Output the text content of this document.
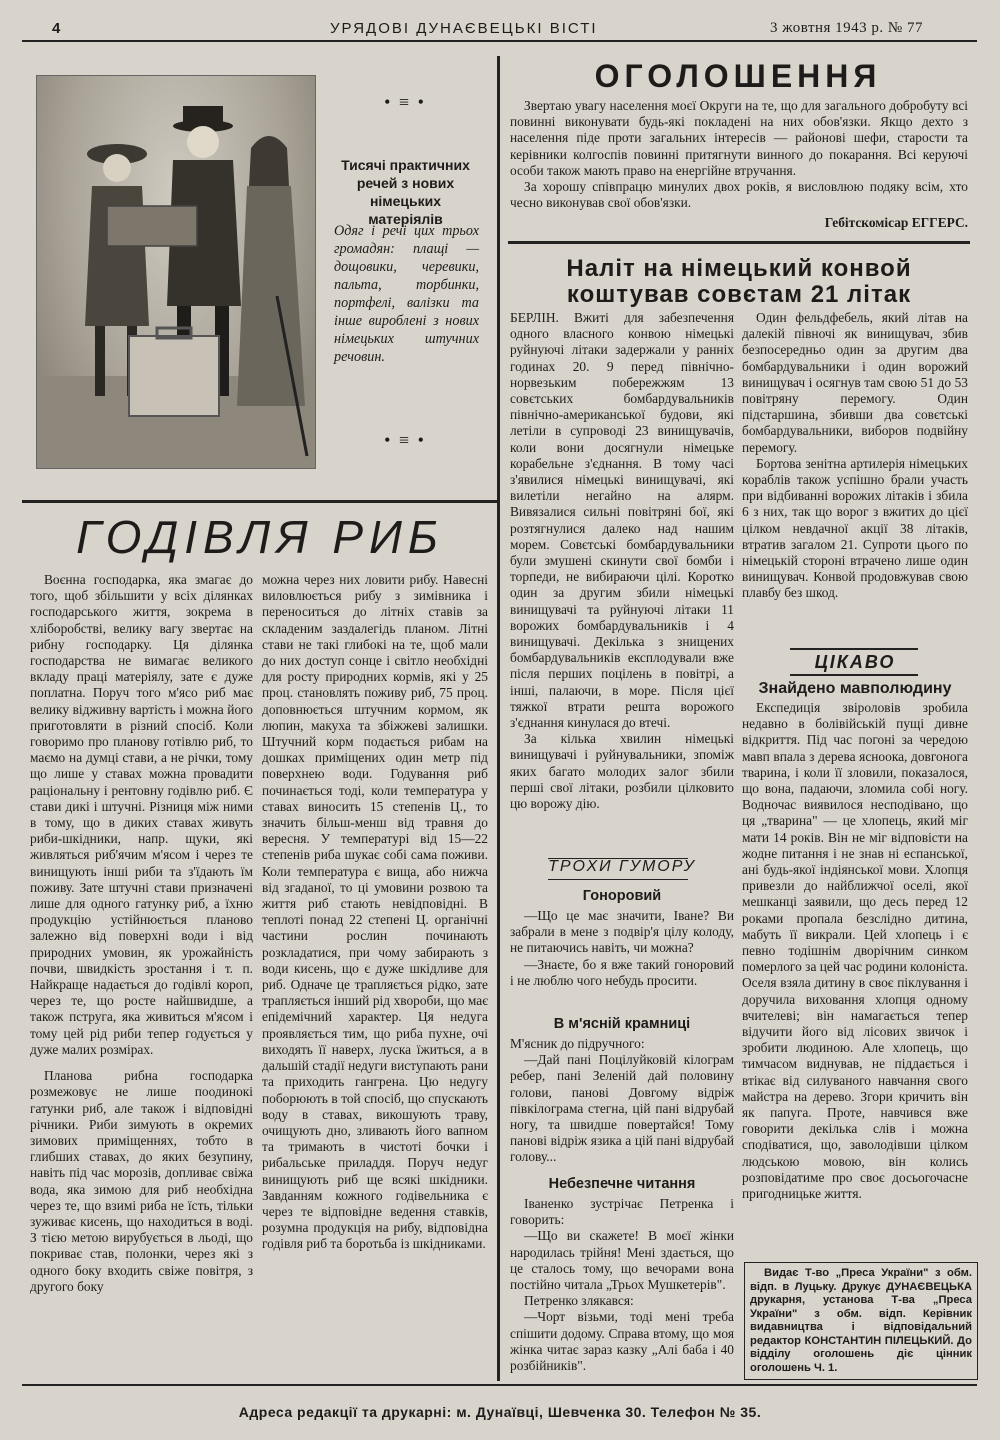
4	УРЯДОВІ ДУНАЄВЕЦЬКІ ВІСТІ	3 жовтня 1943 р. № 77
• ≡ •
Тисячі практичних речей з нових німецьких матеріялів
Одяг і речі цих трьох громадян: плащі — дощовики, черевики, пальта, торбинки, портфелі, валізки та інше вироблені з нових німецьких штучних речовин.
• ≡ •
ГОДІВЛЯ РИБ

Воєнна господарка, яка змагає до того, щоб збільшити у всіх ділянках господарського життя, зокрема в хліборобстві, велику вагу звертає на рибну господарку. Ця ділянка господарства не вимагає великого вкладу праці матеріялу, зате є дуже поплатна. Поруч того м'ясо риб має велику відживну вартість і можна його приготовляти в різний спосіб. Коли говоримо про планову готівлю риб, то маємо на думці стави, а не річки, тому що лише у ставах можна провадити раціональну і рентовну годівлю риб. Є стави дикі і штучні. Різниця між ними в тому, що в диких ставах живуть риби-шкідники, напр. щуки, які живляться риб'ячим м'ясом і через те винищують інші риби та з'їдають їм поживу. Зате штучні стави призначені лише для одного гатунку риб, а їхню продукцію устійнюється планово залежно від поверхні води і від природних умовин, як урожайність почви, швидкість зростання і т. п. Найкраще надається до годівлі короп, через те, що росте найшвидше, а також пстругa, яка живиться м'ясом і тому цей рід риби тепер годується у дуже малих розмірах.

Планова рибна господарка розмежовує не лише поодинокі гатунки риб, але також і відповідні річники. Риби зимують в окремих зимових приміщеннях, тобто в глибших ставах, до яких безупину, навіть під час морозів, допливає свіжа вода, яка зимою для риб необхідна через те, що взимі риба не їсть, тільки зуживає кисень, що находиться в воді. З тією метою вирубується в льоді, що покриває став, полонки, через які з одного боку входить свіже повітря, з другого боку

можна через них ловити рибу. Навесні виловлюється рибу з зимівника і переноситься до літніх ставів за складеним заздалегідь планом. Літні стави не такі глибокі на те, щоб мали до них доступ сонце і світло необхідні для росту природних кормів, які у 25 проц. становлять поживу риб, 75 проц. доповнюється штучним кормом, як люпин, макуха та збіжжеві залишки. Штучний корм подається рибам на дошках приміщених один метр під поверхнею води. Годування риб починається тоді, коли температура у ставах виносить 15 степенів Ц., то значить більш-менш від травня до вересня. У температурі від 15—22 степенів риба шукає собі сама поживи. Коли температура є вища, або нижча від згаданої, то ці умовини розвою та життя риб стають невідповідні. В теплоті понад 22 степені Ц. органічні частини рослин починають розкладатися, при чому забирають з води кисень, що є дуже шкідливе для риб. Одначе це трапляється рідко, зате трапляється інший рід хвороби, що має епідемічний характер. Ця недуга проявляється тим, що риба пухне, очі виходять її наверх, луска їжиться, а в дальшій стадії недуги виступають рани та приходить гангрена. Цю недугу поборюють в той спосіб, що спускають воду в ставах, викошують траву, очищують дно, зливають його вапном та тримають в чистоті бочки і рибальське приладдя. Поруч недуг винищують риб ще всякі шкідники. Завданням кожного годівельника є через те відповідне ведення ставків, розумна продукція на рибу, відповідна годівля риб та боротьба із шкідниками.

ОГОЛОШЕННЯ

Звертаю увагу населення моєї Округи на те, що для загального добробуту всі повинні виконувати будь-які покладені на них обов'язки. Якщо дехто з населення піде проти загальних інтересів — районові шефи, старости та керівники колгоспів повинні притягнути винного до покарання. Всі керуючі особи також мають право на енергійне втручання.

За хорошу співпрацю минулих двох років, я висловлюю подяку всім, хто чесно виконував свої обов'язки.

Гебітскомісар ЕГГЕРС.

Наліт на німецький конвой коштував совєтам 21 літак

БЕРЛІН. Вжиті для забезпечення одного власного конвою німецькі руйнуючі літаки задержали у ранніх годинах 20. 9 перед північно-норвезьким побережжям 13 совєтських бомбардувальників північно-американської будови, які летіли в супроводі 23 винищувачів, коли вони досягнули німецьке корабельне з'єднання. В тому часі з'явилися німецькі винищувачі, які вилетіли негайно на алярм. Вивязалися сильні повітряні бої, які розтягнулися далеко над нашим морем. Совєтські бомбардувальники були змушені скинути свої бомби і торпеди, не вибираючи цілі. Коротко один за другим збили німецькі винищувачі та руйнуючі літаки 11 ворожих бомбардувальників і 4 винищувачі. Декілька з знищених бомбардувальників експлодували вже після перших поцілень в повітрі, а інші, палаючи, в море. Після цієї тяжкої втрати решта ворожого з'єднання кинулася до втечі.

За кілька хвилин німецькі винищувачі і руйнувальники, зпоміж яких багато молодих залог збили перші свої літаки, розбили цілковито цю ворожу дію.

Один фельдфебель, який літав на далекій півночі як винищувач, збив безпосередньо один за другим два бомбардувальники і один ворожий винищувач і осягнув там свою 51 до 53 повітряну перемогу. Один підстаршина, збивши два совєтські бомбардувальники, виборов подвійну перемогу.

Бортова зенітна артилерія німецьких кораблів також успішно брали участь при відбиванні ворожих літаків і збила 6 з них, так що ворог з вжитих до цієї цілком невдачної акції 38 літаків, втратив загалом 21. Супроти цього по німецькій стороні втрачено лише один винищувач. Конвой продовжував свою плавбу без шкод.

ТРОХИ ГУМОРУ
Гоноровий

—Що це має значити, Іване? Ви забрали в мене з подвір'я цілу колоду, не питаючись навіть, чи можна?

—Знаєте, бо я вже такий гоноровий і не люблю чого небудь просити.

В м'ясній крамниці

М'ясник до підручного:

—Дай пані Поцілуйковій кілограм ребер, пані Зеленій дай половину голови, панові Довгому відріж півкілограма стегна, цій пані відрубай ногу, та швидше повертайся! Тому панові відріж язика а цій пані відрубай голову...

Небезпечне читання

Іваненко зустрічає Петренка і говорить:

—Що ви скажете! В моєї жінки народилась трійня! Мені здається, що це сталось тому, що вечорами вона постійно читала „Трьох Мушкетерів".

Петренко злякався:

—Чорт візьми, тоді мені треба спішити додому. Справа втому, що моя жінка читає зараз казку „Алі баба і 40 розбійників".

ЦІКАВО
Знайдено мавполюдину

Експедиція звіроловів зробила недавно в болівійській пущі дивне відкриття. Під час погоні за чередою мавп впала з дерева ясноока, довгонога тварина, і коли її зловили, показалося, що вона, падаючи, зломила собі ногу. Водночас виявилося несподівано, що ця „тварина" — це хлопець, який міг мати 14 років. Він не міг відповісти на жодне питання і не знав ні еспанської, ані будь-якої індіянської мови. Хлопця привезли до найближчої оселі, якої мешканці заявили, що десь перед 12 роками пропала безслідно дитина, мабуть її викрали. Цей хлопець і є певно тодішнім дворічним синком померлого за цей час родини колоніста. Оселя взяла дитину в своє піклування і доручила виховання хлопця одному вчителеві; він намагається тепер відучити його від лісових звичок і зробити людиною. Але хлопець, що тимчасом виднував, не піддається і втікає від силуваного навчання свого майстра на дерево. Згори кричить він як папуга. Проте, навчився вже говорити декілька слів і можна сподіватися, що, заволодівши цілком людською мовою, він колись розповідатиме про своє досьогочасне пригодницьке життя.

Видає Т-во „Преса України" з обм. відп. в Луцьку. Друкує ДУНАЄВЕЦЬКА друкарня, установа Т-ва „Преса України" з обм. відп. Керівник видавництва і відповідальний редактор КОНСТАНТИН ПІЛЕЦЬКИЙ. До відділу оголошень діє цінник оголошень Ч. 1.

Адреса редакції та друкарні: м. Дунаївці, Шевченка 30. Телефон № 35.
